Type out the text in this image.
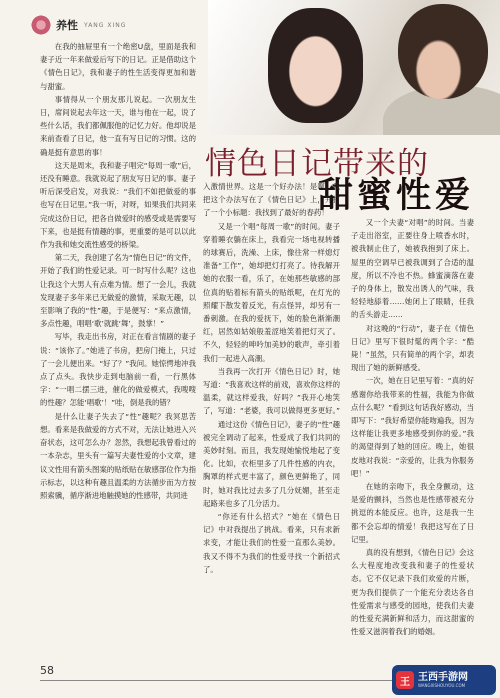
养性 YANG XING
情色日记带来的
甜蜜性爱

在我的抽屉里有一个绝密U盘，里面是我和妻子近一年来做爱后写下的日记。正是借助这个《情色日记》，我和妻子的性生活变得更加和谐与甜蜜。

事情得从一个朋友那儿说起。一次朋友生日，席间说起去年这一天，谁与他在一起，说了些什么话，我们都佩服他的记忆力好。他却说是来前查看了日记，他一直有写日记的习惯。这的确是挺有意思的事！

这天是周末，我和妻子唱完“每周一歌”后，还没有睡意。我就说起了朋友写日记的事。妻子听后深受启发，对我说：“我们不如把做爱的事也写在日记里。”我一听，对呀，如果我们共同来完成这份日记，把各自做爱时的感受或是需要写下来，也是挺有情趣的事，更重要的是可以以此作为我和她交流性感受的桥梁。

第二天，我创建了名为“情色日记”的文件，开始了我们的性爱记录。可一时写什么呢？这也让我这个大男人有点难为情。想了一会儿，我就发现妻子多年来已无做爱的激情，采取无趣，以至影响了我的“性”趣，于是便写：“来点激情，多点性趣，唱唱‘歌’就跳‘舞’，鼓掌！”

写毕，我走出书房，对正在看言情剧的妻子说：“该你了。”她进了书房，把房门掩上，只过了一会儿便出来。“好了？”我问。她惊愕地冲我点了点头。我快步走到电脑前一看，一行黑体字：“一唱二摆三进，催化的做爱模式，我嗖嗖的性趣？怎能‘唱歌’！”哇，倒是我的错？

是什么让妻子失去了“性”趣呢？我冥思苦想。看来是我做爱的方式不对，无法让她进入兴奋状态，这可怎么办？忽然，我想起我曾看过的一本杂志，里头有一篇写夫妻性爱的小文章，建议文性用有箭头图案的贴纸贴在敏感部位作为指示标志，以这种有趣且温柔的方法循步而为方按照索骥，循序渐进地触摸她的性感带，共同进

入激情世界。这是一个好办法！是啊，我把这个办法写在了《情色日记》上，并打了一个小标题：我找到了最好的春药！

又是一个唱“每周一歌”的时间。妻子穿着睡衣躺在床上，我看完一场电视转播的球赛后，洗澡、上床，像往常一样熄灯准备“工作”，她却把灯打亮了。待我解开她的衣服一看，乐了，在她那些敏感的部位真的贴着标有箭头的贴纸呢，在灯光的照耀下散发着反光，有点怪异，却另有一番刺激。在我的爱抚下，她的脸色渐渐潮红，居然如姑娘般羞涩地笑着把灯灭了。不久，轻轻的呻吟加美妙的歌声，牵引着我们一起进入高潮。

当我再一次打开《情色日记》时，她写道：“我喜欢这样的前戏，喜欢你这样的温柔，就这样爱我，好吗？”我开心地笑了，写道：“老婆，我可以做得更多更好。”

通过这份《情色日记》，妻子的“性”趣被完全调动了起来，性爱成了我们共同的美妙时刻。而且，我发现她愉悦地起了变化。比如，衣柜里多了几件性感的内衣，胸罩的样式更丰富了，颜色更鲜艳了，同时，她对我比过去多了几分妩媚，甚至走起路来也多了几分活力。

“你还有什么招式？”她在《情色日记》中对我提出了挑战。看来，只有求新求变，才能让我们的性爱一直那么美妙。我又不得不为我们的性爱寻找一个新招式了。

又一个夫妻“对唱”的时间。当妻子走出浴室，正要往身上喷香水时，被我制止住了，她被我抱到了床上。屋里的空调早已被我调到了合适的温度，所以不冷也不热。蜂蜜滴落在妻子的身体上，散发出诱人的气味，我轻轻地舔着……她闭上了眼睛，任我的舌头游走……

对这晚的“行动”，妻子在《情色日记》里写下很时髦的两个字：“酷毙！”虽然，只有简单的两个字，却表现出了她的新鲜感受。

一次，她在日记里写着：“真的好感谢你给我带来的性福，我能为你做点什么呢？”看到这句话我好感动，当即写下：“我好希望你能吻遍我，因为这样能让我更多地感受到你的爱。”我的渴望得到了她的回应。晚上，她很皮地对我说：“亲爱的，让我为你服务吧！”

在她的亲吻下，我全身颤动，这是爱的颤抖，当然也是性感带被充分挑逗的本能反应。也许，这是我一生都不会忘却的情爱！我把这写在了日记里。

真的没有想到，《情色日记》会这么大程度地改变我和妻子的性爱状态。它不仅记录下我们欢爱的片断，更为我们提供了一个能充分表达各自性爱需求与感受的园地，使我们夫妻的性爱充满新鲜和活力，而这甜蜜的性爱又滋润着我们的婚姻。

58
王 王西手游网
WANGXISHOUYOU.COM
